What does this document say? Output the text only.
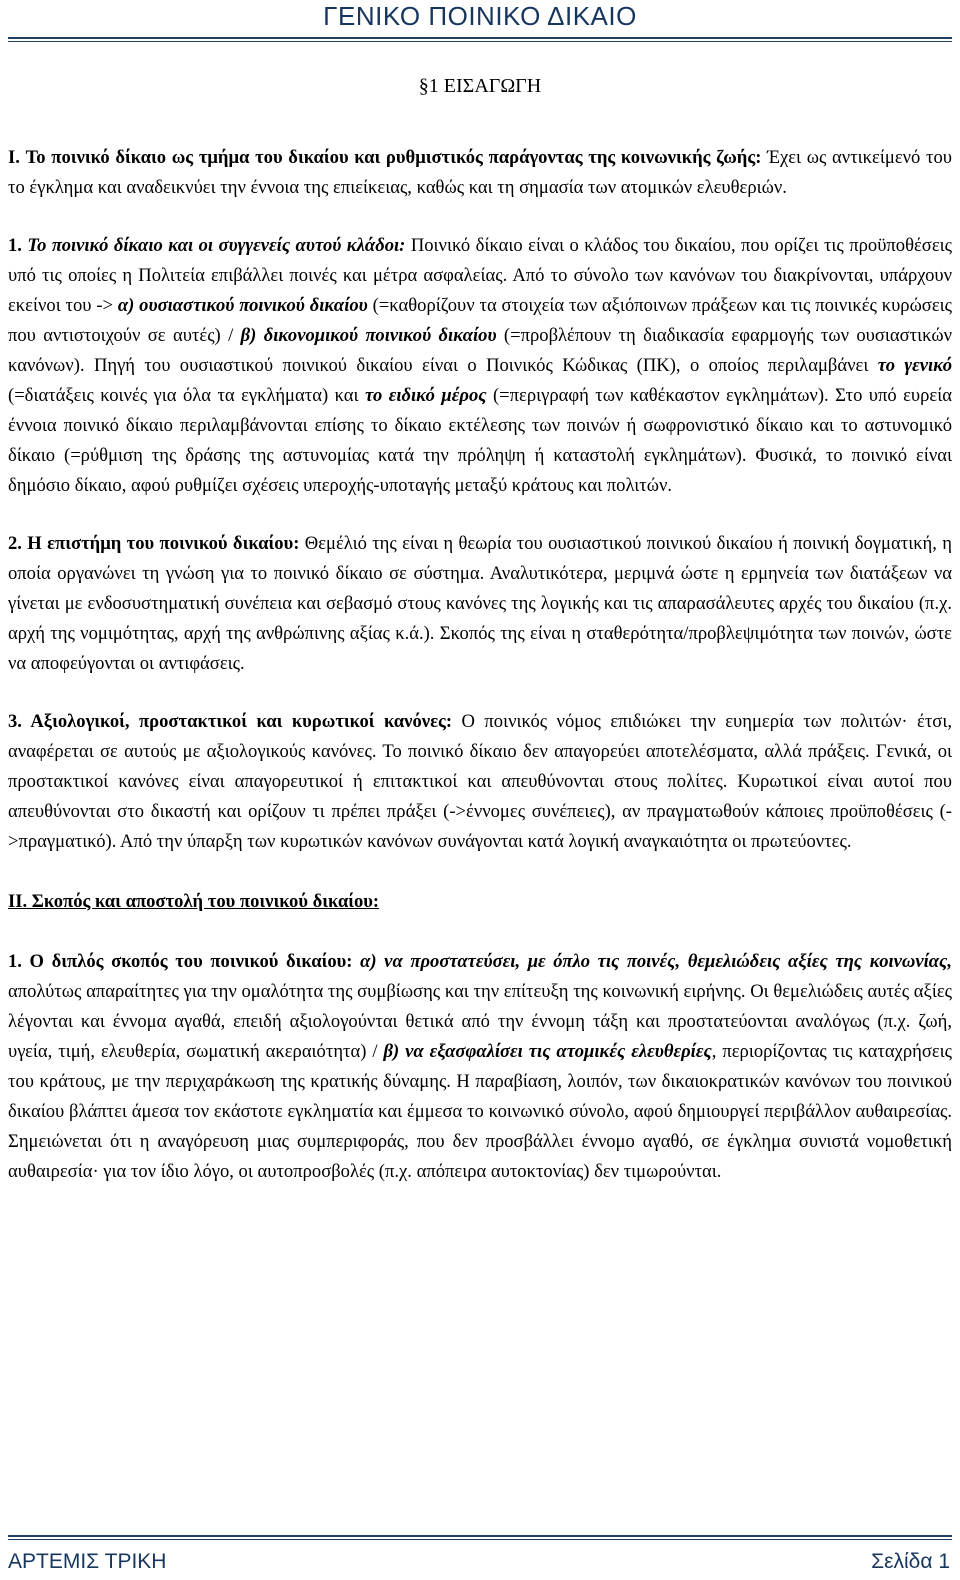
ΓΕΝΙΚΟ ΠΟΙΝΙΚΟ ΔΙΚΑΙΟ
§1 ΕΙΣΑΓΩΓΗ

I. Το ποινικό δίκαιο ως τμήμα του δικαίου και ρυθμιστικός παράγοντας της κοινωνικής ζωής: Έχει ως αντικείμενό του το έγκλημα και αναδεικνύει την έννοια της επιείκειας, καθώς και τη σημασία των ατομικών ελευθεριών.

1. Το ποινικό δίκαιο και οι συγγενείς αυτού κλάδοι: Ποινικό δίκαιο είναι ο κλάδος του δικαίου, που ορίζει τις προϋποθέσεις υπό τις οποίες η Πολιτεία επιβάλλει ποινές και μέτρα ασφαλείας. Από το σύνολο των κανόνων του διακρίνονται, υπάρχουν εκείνοι του -> α) ουσιαστικού ποινικού δικαίου (=καθορίζουν τα στοιχεία των αξιόποινων πράξεων και τις ποινικές κυρώσεις που αντιστοιχούν σε αυτές) / β) δικονομικού ποινικού δικαίου (=προβλέπουν τη διαδικασία εφαρμογής των ουσιαστικών κανόνων). Πηγή του ουσιαστικού ποινικού δικαίου είναι ο Ποινικός Κώδικας (ΠΚ), ο οποίος περιλαμβάνει το γενικό (=διατάξεις κοινές για όλα τα εγκλήματα) και το ειδικό μέρος (=περιγραφή των καθέκαστον εγκλημάτων). Στο υπό ευρεία έννοια ποινικό δίκαιο περιλαμβάνονται επίσης το δίκαιο εκτέλεσης των ποινών ή σωφρονιστικό δίκαιο και το αστυνομικό δίκαιο (=ρύθμιση της δράσης της αστυνομίας κατά την πρόληψη ή καταστολή εγκλημάτων). Φυσικά, το ποινικό είναι δημόσιο δίκαιο, αφού ρυθμίζει σχέσεις υπεροχής-υποταγής μεταξύ κράτους και πολιτών.

2. Η επιστήμη του ποινικού δικαίου: Θεμέλιό της είναι η θεωρία του ουσιαστικού ποινικού δικαίου ή ποινική δογματική, η οποία οργανώνει τη γνώση για το ποινικό δίκαιο σε σύστημα. Αναλυτικότερα, μεριμνά ώστε η ερμηνεία των διατάξεων να γίνεται με ενδοσυστηματική συνέπεια και σεβασμό στους κανόνες της λογικής και τις απαρασάλευτες αρχές του δικαίου (π.χ. αρχή της νομιμότητας, αρχή της ανθρώπινης αξίας κ.ά.). Σκοπός της είναι η σταθερότητα/προβλεψιμότητα των ποινών, ώστε να αποφεύγονται οι αντιφάσεις.

3. Αξιολογικοί, προστακτικοί και κυρωτικοί κανόνες: Ο ποινικός νόμος επιδιώκει την ευημερία των πολιτών· έτσι, αναφέρεται σε αυτούς με αξιολογικούς κανόνες. Το ποινικό δίκαιο δεν απαγορεύει αποτελέσματα, αλλά πράξεις. Γενικά, οι προστακτικοί κανόνες είναι απαγορευτικοί ή επιτακτικοί και απευθύνονται στους πολίτες. Κυρωτικοί είναι αυτοί που απευθύνονται στο δικαστή και ορίζουν τι πρέπει πράξει (->έννομες συνέπειες), αν πραγματωθούν κάποιες προϋποθέσεις (->πραγματικό). Από την ύπαρξη των κυρωτικών κανόνων συνάγονται κατά λογική αναγκαιότητα οι πρωτεύοντες.

II. Σκοπός και αποστολή του ποινικού δικαίου:

1. Ο διπλός σκοπός του ποινικού δικαίου: α) να προστατεύσει, με όπλο τις ποινές, θεμελιώδεις αξίες της κοινωνίας, απολύτως απαραίτητες για την ομαλότητα της συμβίωσης και την επίτευξη της κοινωνική ειρήνης. Οι θεμελιώδεις αυτές αξίες λέγονται και έννομα αγαθά, επειδή αξιολογούνται θετικά από την έννομη τάξη και προστατεύονται αναλόγως (π.χ. ζωή, υγεία, τιμή, ελευθερία, σωματική ακεραιότητα) / β) να εξασφαλίσει τις ατομικές ελευθερίες, περιορίζοντας τις καταχρήσεις του κράτους, με την περιχαράκωση της κρατικής δύναμης. Η παραβίαση, λοιπόν, των δικαιοκρατικών κανόνων του ποινικού δικαίου βλάπτει άμεσα τον εκάστοτε εγκληματία και έμμεσα το κοινωνικό σύνολο, αφού δημιουργεί περιβάλλον αυθαιρεσίας. Σημειώνεται ότι η αναγόρευση μιας συμπεριφοράς, που δεν προσβάλλει έννομο αγαθό, σε έγκλημα συνιστά νομοθετική αυθαιρεσία· για τον ίδιο λόγο, οι αυτοπροσβολές (π.χ. απόπειρα αυτοκτονίας) δεν τιμωρούνται.

ΑΡΤΕΜΙΣ ΤΡΙΚΗ	Σελίδα 1
